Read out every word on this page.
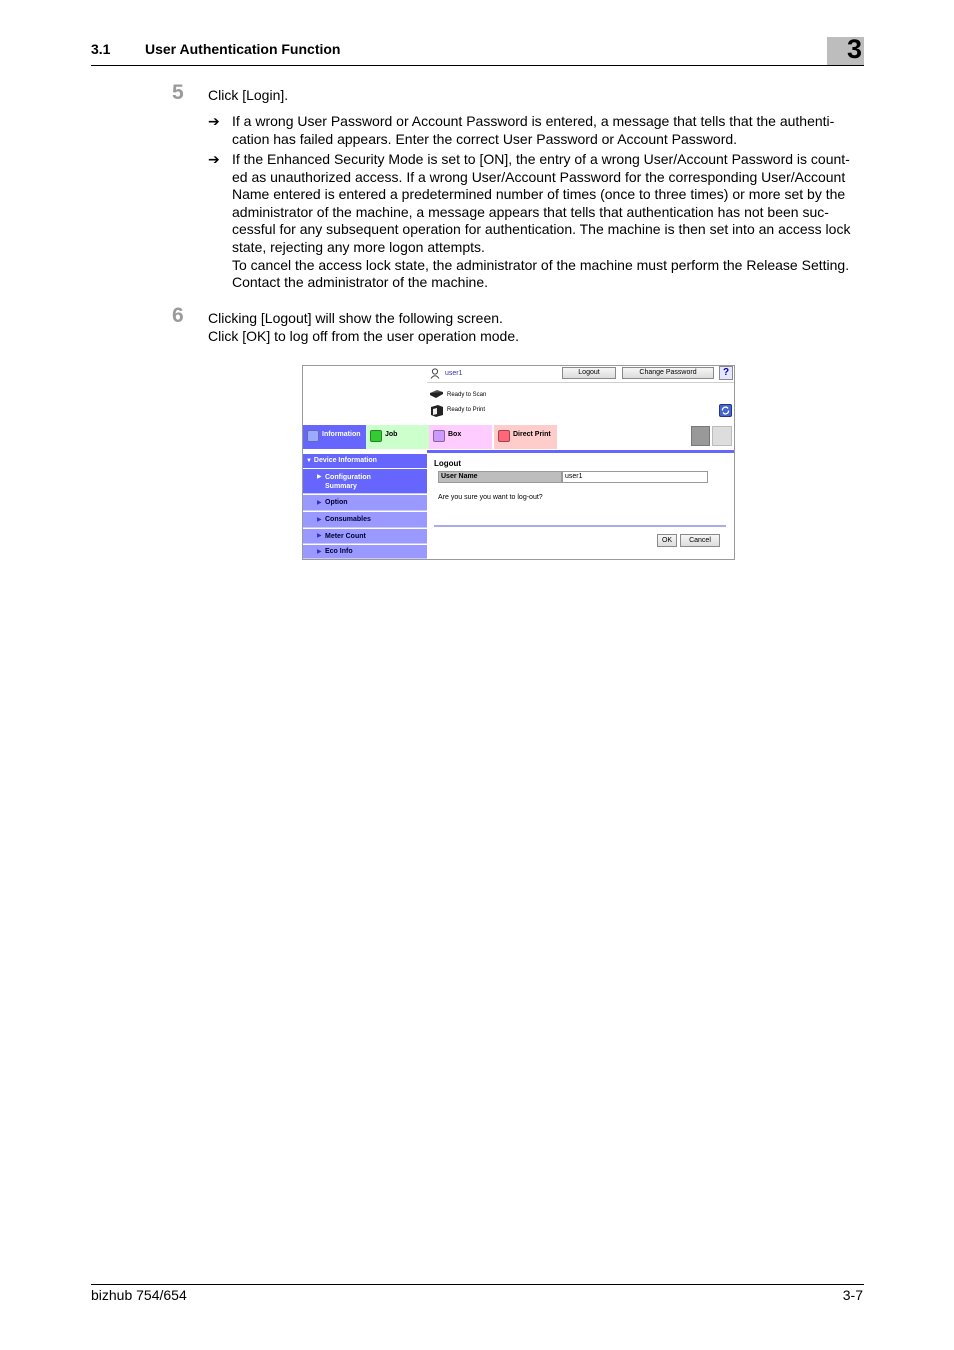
3.1 User Authentication Function	3
5 Click [Login].
➔ If a wrong User Password or Account Password is entered, a message that tells that the authenti-
cation has failed appears. Enter the correct User Password or Account Password.
➔ If the Enhanced Security Mode is set to [ON], the entry of a wrong User/Account Password is count-
ed as unauthorized access. If a wrong User/Account Password for the corresponding User/Account
Name entered is entered a predetermined number of times (once to three times) or more set by the
administrator of the machine, a message appears that tells that authentication has not been suc-
cessful for any subsequent operation for authentication. The machine is then set into an access lock
state, rejecting any more logon attempts.
To cancel the access lock state, the administrator of the machine must perform the Release Setting.
Contact the administrator of the machine.
6 Clicking [Logout] will show the following screen.
Click [OK] to log off from the user operation mode.
user1	Logout	Change Password	?
Ready to Scan
Ready to Print
Information	Job	Box	Direct Print
▼ Device Information
▶ Configuration
Summary
▶ Option
▶ Consumables
▶ Meter Count
▶ Eco Info
Logout
User Name	user1
Are you sure you want to log-out?
OK	Cancel
bizhub 754/654	3-7
